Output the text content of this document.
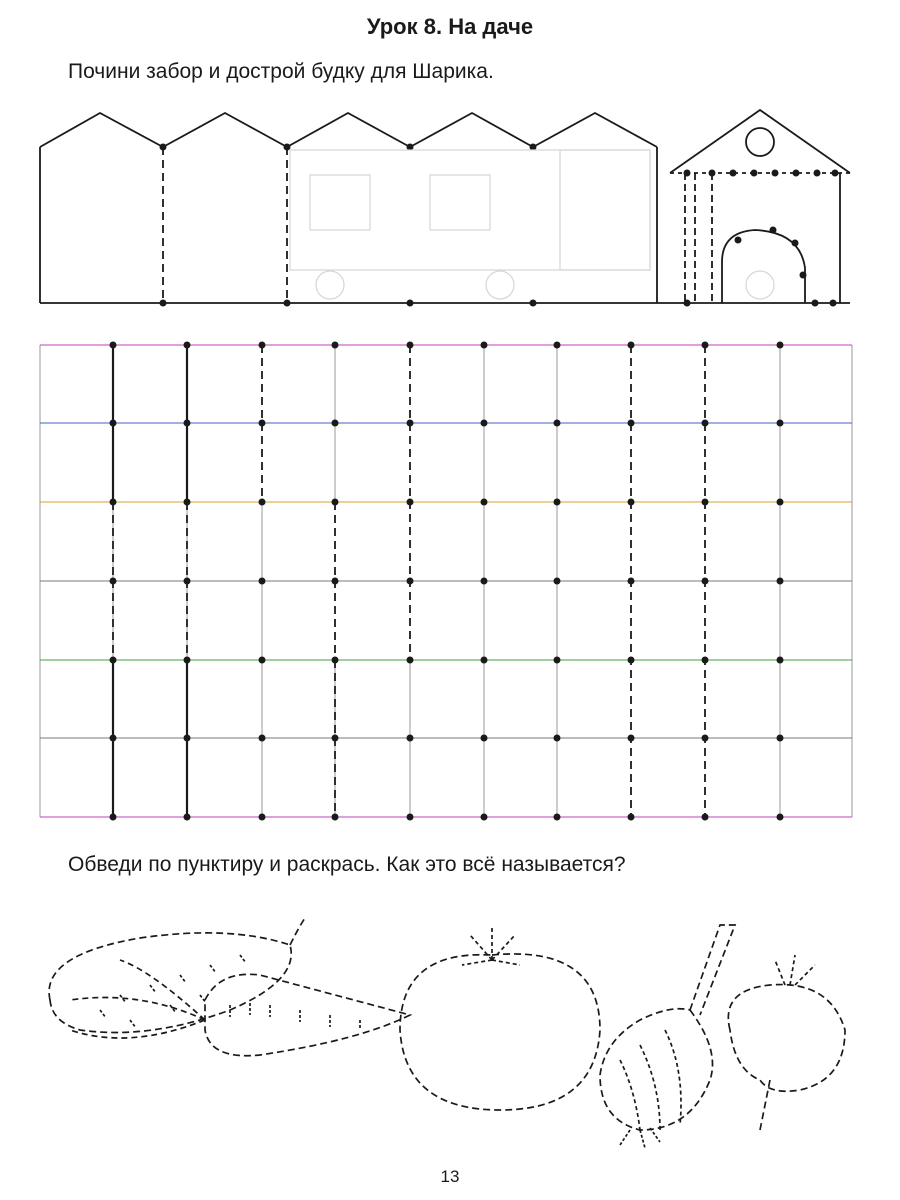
Урок 8. На даче
Почини забор и дострой будку для Шарика.
Обведи по пунктиру и раскрась. Как это всё называется?
13
